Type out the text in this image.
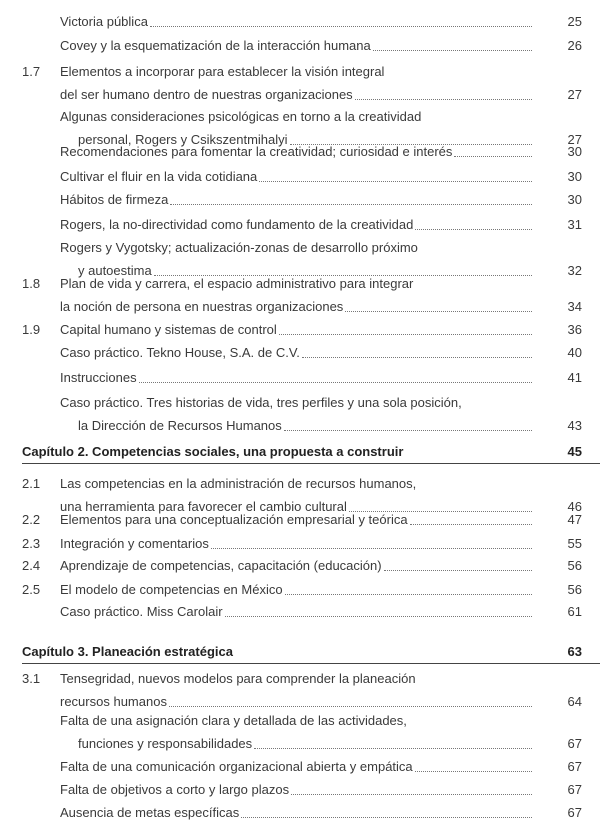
Victoria pública	25
Covey y la esquematización de la interacción humana	26
1.7 Elementos a incorporar para establecer la visión integral
del ser humano dentro de nuestras organizaciones	27
Algunas consideraciones psicológicas en torno a la creatividad
personal, Rogers y Csikszentmihalyi	27
Recomendaciones para fomentar la creatividad; curiosidad e interés	30
Cultivar el fluir en la vida cotidiana	30
Hábitos de firmeza	30
Rogers, la no-directividad como fundamento de la creatividad	31
Rogers y Vygotsky; actualización-zonas de desarrollo próximo
y autoestima	32
1.8 Plan de vida y carrera, el espacio administrativo para integrar
la noción de persona en nuestras organizaciones	34
1.9 Capital humano y sistemas de control	36
Caso práctico. Tekno House, S.A. de C.V.	40
Instrucciones	41
Caso práctico. Tres historias de vida, tres perfiles y una sola posición,
la Dirección de Recursos Humanos	43
Capítulo 2. Competencias sociales, una propuesta a construir	45
2.1 Las competencias en la administración de recursos humanos,
una herramienta para favorecer el cambio cultural	46
2.2 Elementos para una conceptualización empresarial y teórica	47
2.3 Integración y comentarios	55
2.4 Aprendizaje de competencias, capacitación (educación)	56
2.5 El modelo de competencias en México	56
Caso práctico. Miss Carolair	61
Capítulo 3. Planeación estratégica	63
3.1 Tensegridad, nuevos modelos para comprender la planeación
recursos humanos	64
Falta de una asignación clara y detallada de las actividades,
funciones y responsabilidades	67
Falta de una comunicación organizacional abierta y empática	67
Falta de objetivos a corto y largo plazos	67
Ausencia de metas específicas	67
